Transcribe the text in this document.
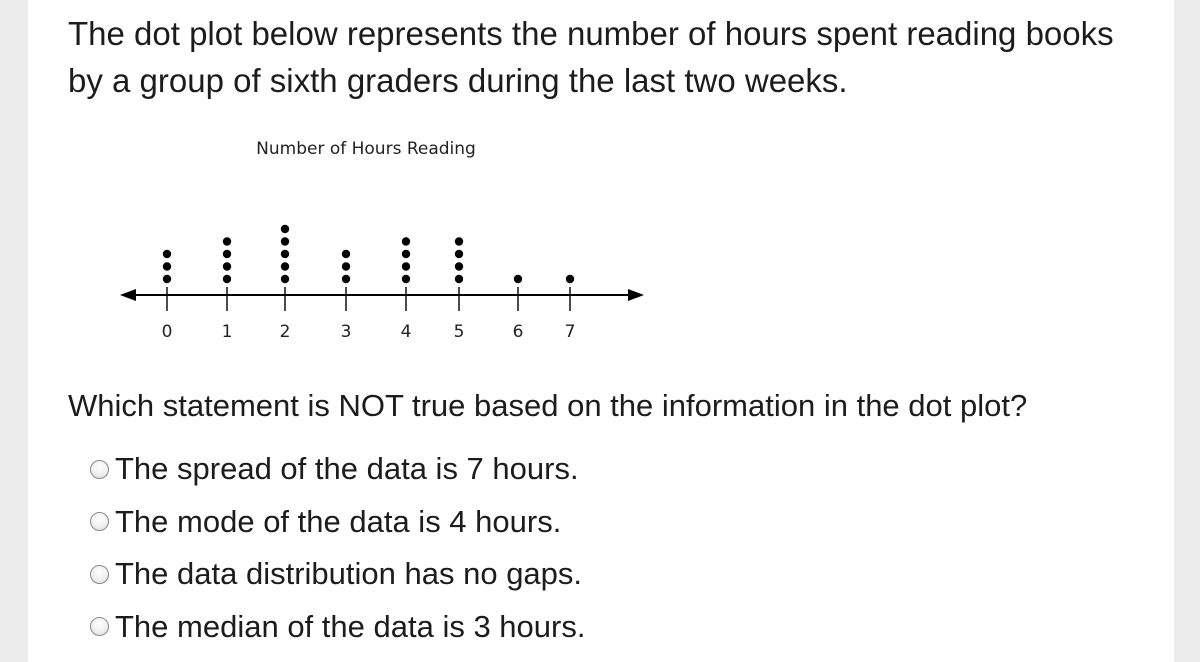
The dot plot below represents the number of hours spent reading books by a group of sixth graders during the last two weeks.

Number of Hours Reading
0	1	2	3	4 5	6 7

Which statement is NOT true based on the information in the dot plot?

The spread of the data is 7 hours.
The mode of the data is 4 hours.
The data distribution has no gaps.
The median of the data is 3 hours.
